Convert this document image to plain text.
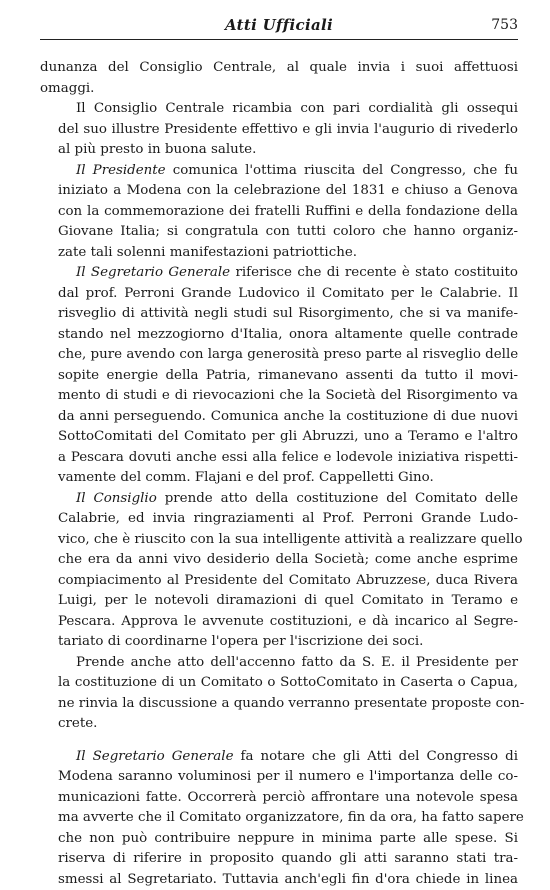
Atti Ufficiali	753

dunanza del Consiglio Centrale, al quale invia i suoi affettuosi
omaggi.

Il Consiglio Centrale ricambia con pari cordialità gli ossequi
del suo illustre Presidente effettivo e gli invia l'augurio di rivederlo
al più presto in buona salute.

Il Presidente comunica l'ottima riuscita del Congresso, che fu
iniziato a Modena con la celebrazione del 1831 e chiuso a Genova
con la commemorazione dei fratelli Ruffini e della fondazione della
Giovane Italia; si congratula con tutti coloro che hanno organiz-
zate tali solenni manifestazioni patriottiche.

Il Segretario Generale riferisce che di recente è stato costituito
dal prof. Perroni Grande Ludovico il Comitato per le Calabrie. Il
risveglio di attività negli studi sul Risorgimento, che si va manife-
stando nel mezzogiorno d'Italia, onora altamente quelle contrade
che, pure avendo con larga generosità preso parte al risveglio delle
sopite energie della Patria, rimanevano assenti da tutto il movi-
mento di studi e di rievocazioni che la Società del Risorgimento va
da anni perseguendo. Comunica anche la costituzione di due nuovi
SottoComitati del Comitato per gli Abruzzi, uno a Teramo e l'altro
a Pescara dovuti anche essi alla felice e lodevole iniziativa rispetti-
vamente del comm. Flajani e del prof. Cappelletti Gino.

Il Consiglio prende atto della costituzione del Comitato delle
Calabrie, ed invia ringraziamenti al Prof. Perroni Grande Ludo-
vico, che è riuscito con la sua intelligente attività a realizzare quello
che era da anni vivo desiderio della Società; come anche esprime
compiacimento al Presidente del Comitato Abruzzese, duca Rivera
Luigi, per le notevoli diramazioni di quel Comitato in Teramo e
Pescara. Approva le avvenute costituzioni, e dà incarico al Segre-
tariato di coordinarne l'opera per l'iscrizione dei soci.

Prende anche atto dell'accenno fatto da S. E. il Presidente per
la costituzione di un Comitato o SottoComitato in Caserta o Capua,
ne rinvia la discussione a quando verranno presentate proposte con-
crete.

Il Segretario Generale fa notare che gli Atti del Congresso di
Modena saranno voluminosi per il numero e l'importanza delle co-
municazioni fatte. Occorrerà perciò affrontare una notevole spesa
ma avverte che il Comitato organizzatore, fin da ora, ha fatto sapere
che non può contribuire neppure in minima parte alle spese. Si
riserva di riferire in proposito quando gli atti saranno stati tra-
smessi al Segretariato. Tuttavia anch'egli fin d'ora chiede in linea
